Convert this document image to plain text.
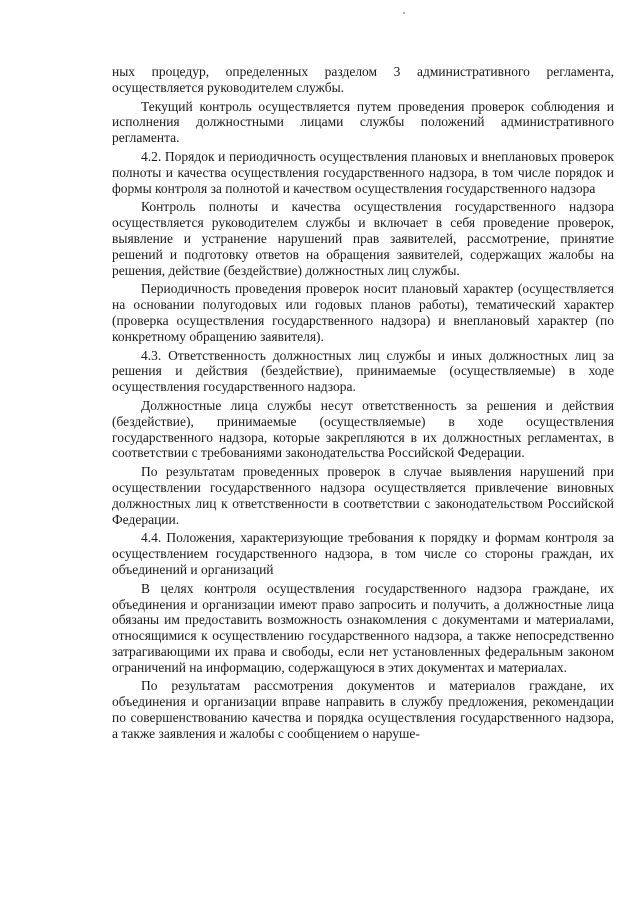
ных процедур, определенных разделом 3 административного регламента, осуществляется руководителем службы.

Текущий контроль осуществляется путем проведения проверок соблюдения и исполнения должностными лицами службы положений административного регламента.

4.2. Порядок и периодичность осуществления плановых и внеплановых проверок полноты и качества осуществления государственного надзора, в том числе порядок и формы контроля за полнотой и качеством осуществления государственного надзора

Контроль полноты и качества осуществления государственного надзора осуществляется руководителем службы и включает в себя проведение проверок, выявление и устранение нарушений прав заявителей, рассмотрение, принятие решений и подготовку ответов на обращения заявителей, содержащих жалобы на решения, действие (бездействие) должностных лиц службы.

Периодичность проведения проверок носит плановый характер (осуществляется на основании полугодовых или годовых планов работы), тематический характер (проверка осуществления государственного надзора) и внеплановый характер (по конкретному обращению заявителя).

4.3. Ответственность должностных лиц службы и иных должностных лиц за решения и действия (бездействие), принимаемые (осуществляемые) в ходе осуществления государственного надзора.

Должностные лица службы несут ответственность за решения и действия (бездействие), принимаемые (осуществляемые) в ходе осуществления государственного надзора, которые закрепляются в их должностных регламентах, в соответствии с требованиями законодательства Российской Федерации.

По результатам проведенных проверок в случае выявления нарушений при осуществлении государственного надзора осуществляется привлечение виновных должностных лиц к ответственности в соответствии с законодательством Российской Федерации.

4.4. Положения, характеризующие требования к порядку и формам контроля за осуществлением государственного надзора, в том числе со стороны граждан, их объединений и организаций

В целях контроля осуществления государственного надзора граждане, их объединения и организации имеют право запросить и получить, а должностные лица обязаны им предоставить возможность ознакомления с документами и материалами, относящимися к осуществлению государственного надзора, а также непосредственно затрагивающими их права и свободы, если нет установленных федеральным законом ограничений на информацию, содержащуюся в этих документах и материалах.

По результатам рассмотрения документов и материалов граждане, их объединения и организации вправе направить в службу предложения, рекомендации по совершенствованию качества и порядка осуществления государственного надзора, а также заявления и жалобы с сообщением о наруше-
